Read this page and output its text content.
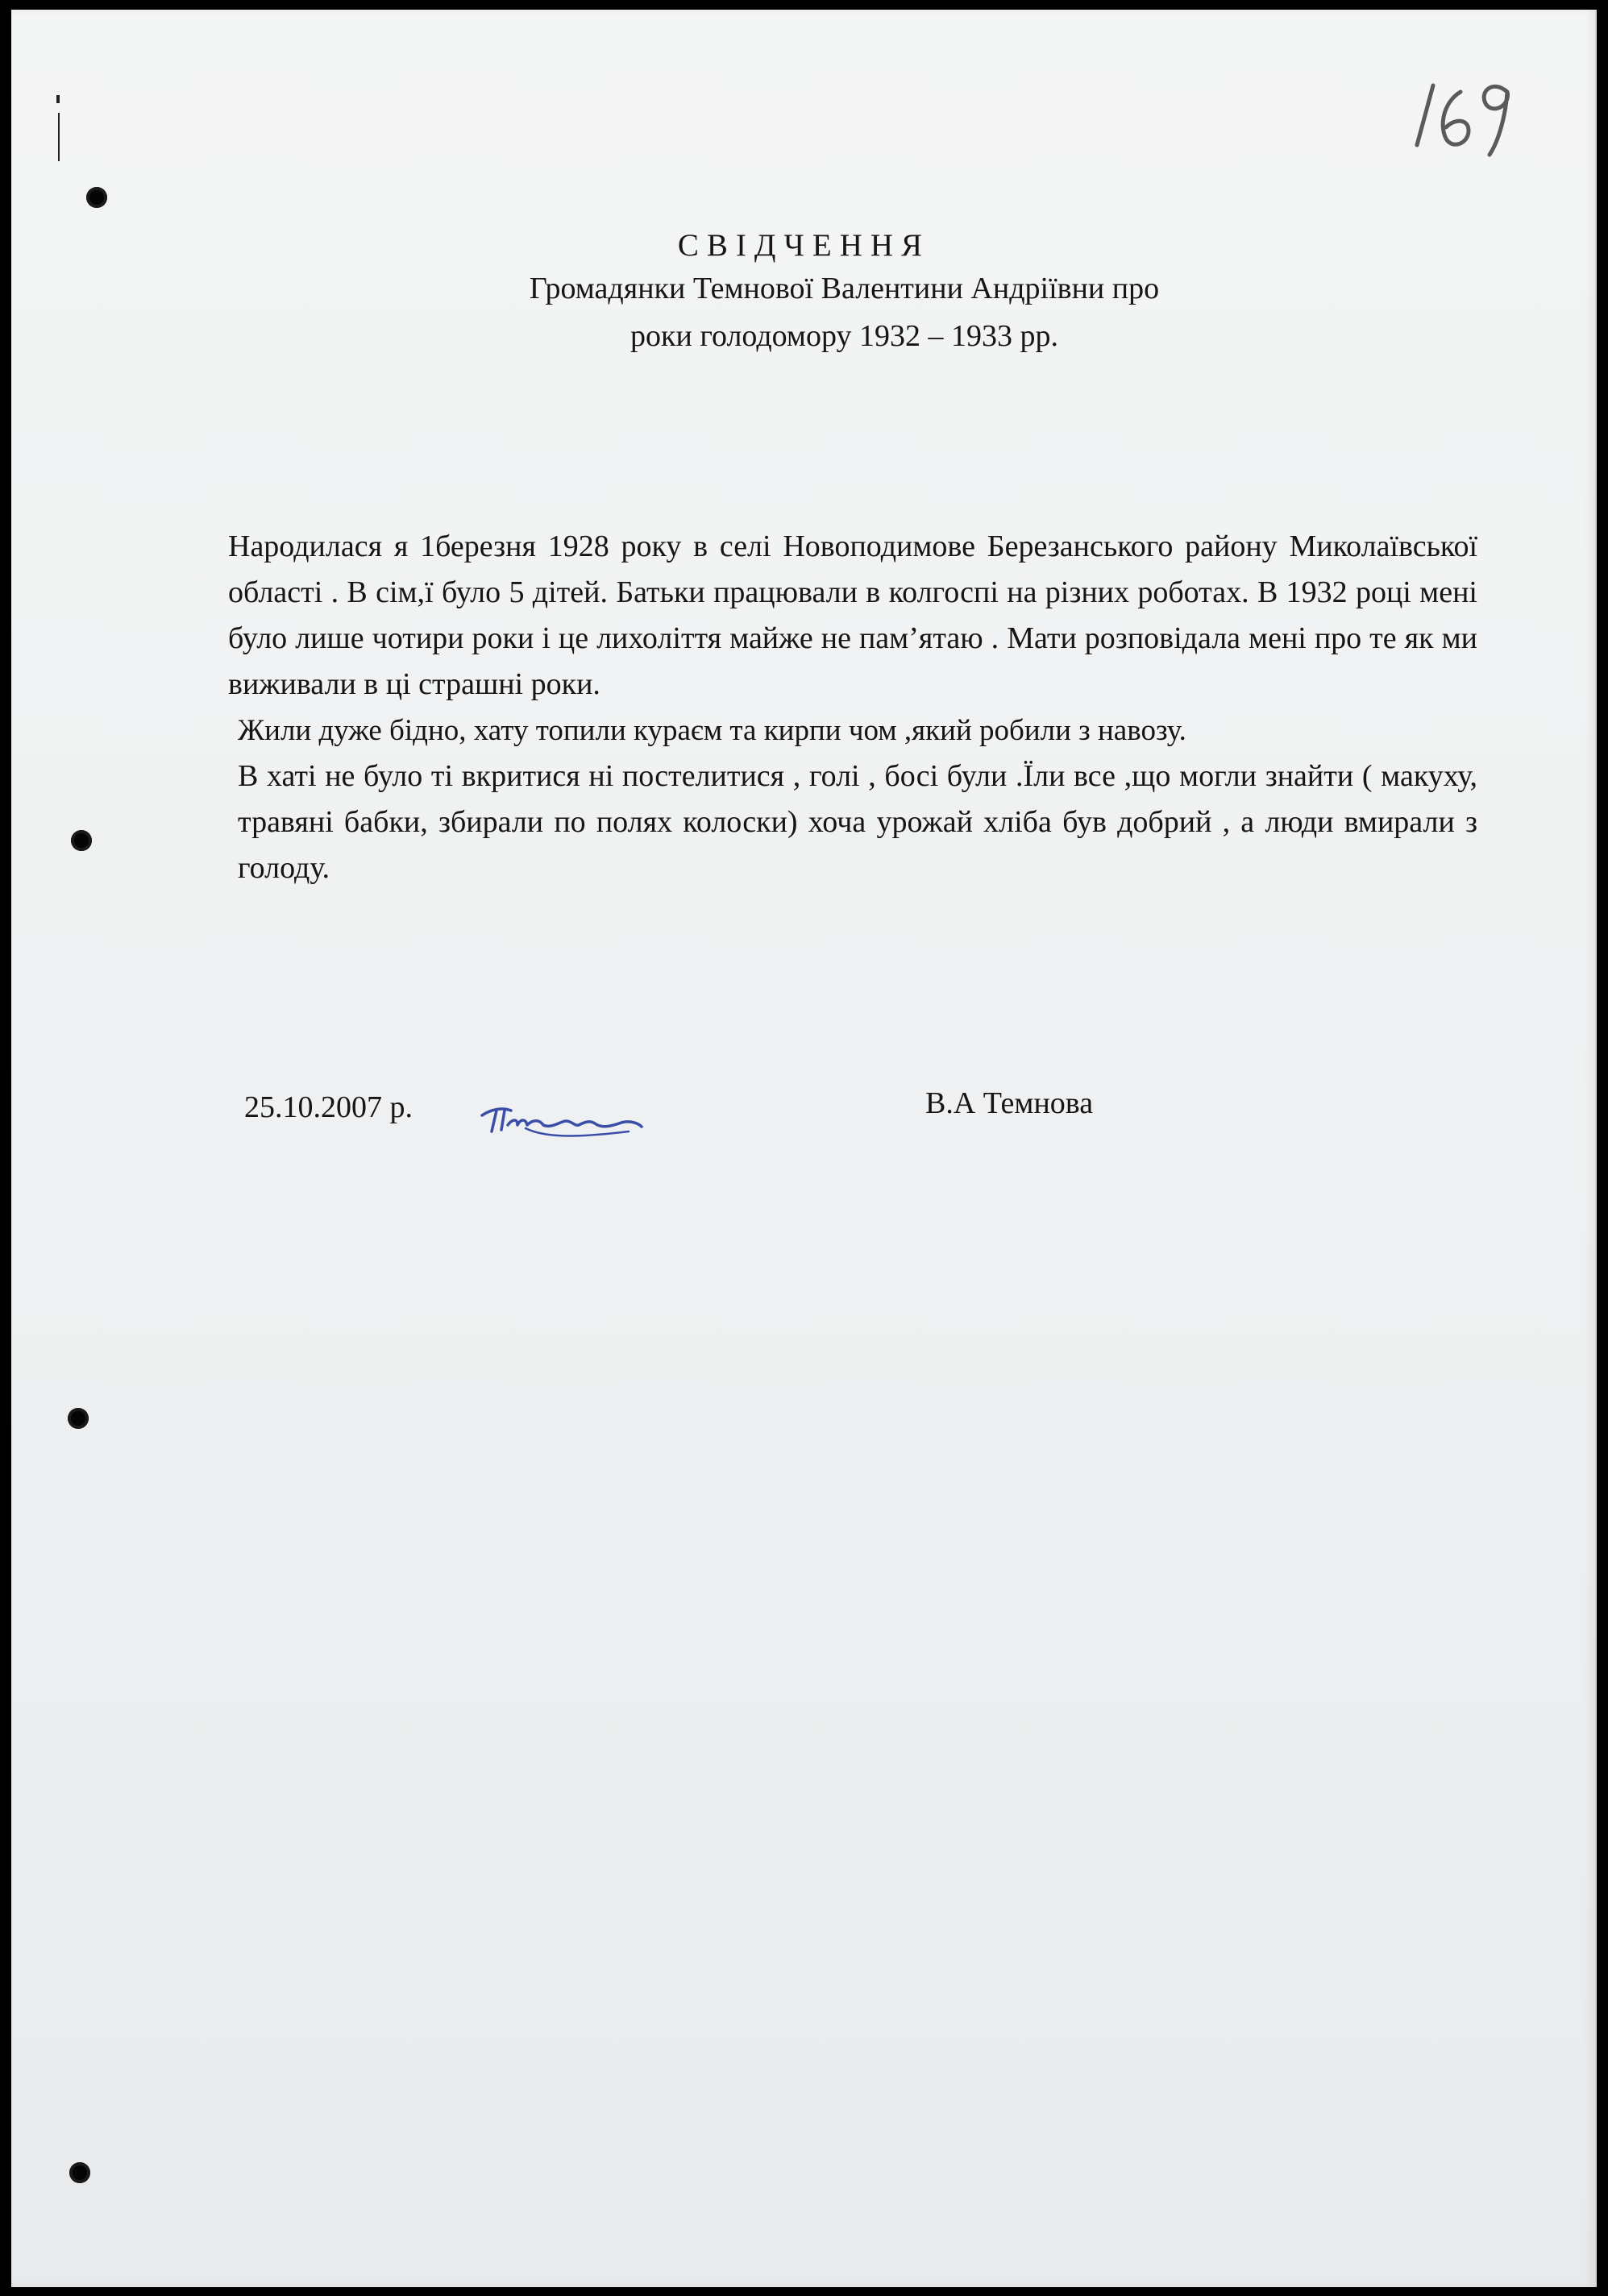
СВІДЧЕННЯ
Громадянки Темнової Валентини Андріївни про
роки голодомору 1932 – 1933 рр.

Народилася я 1березня 1928 року в селі Новоподимове Березанського району Миколаївської області . В сім,ї було 5 дітей. Батьки працювали в колгоспі на різних роботах. В 1932 році мені було лише чотири роки і це лихоліття майже не пам’ятаю . Мати розповідала мені про те як ми виживали в ці страшні роки.

Жили дуже бідно, хату топили кураєм та кирпи чом ,який робили з навозу.

В хаті не було ті вкритися ні постелитися , голі , босі були .Їли все ,що могли знайти ( макуху, травяні бабки, збирали по полях колоски) хоча урожай хліба був добрий , а люди вмирали з голоду.

25.10.2007 р.	В.А Темнова
